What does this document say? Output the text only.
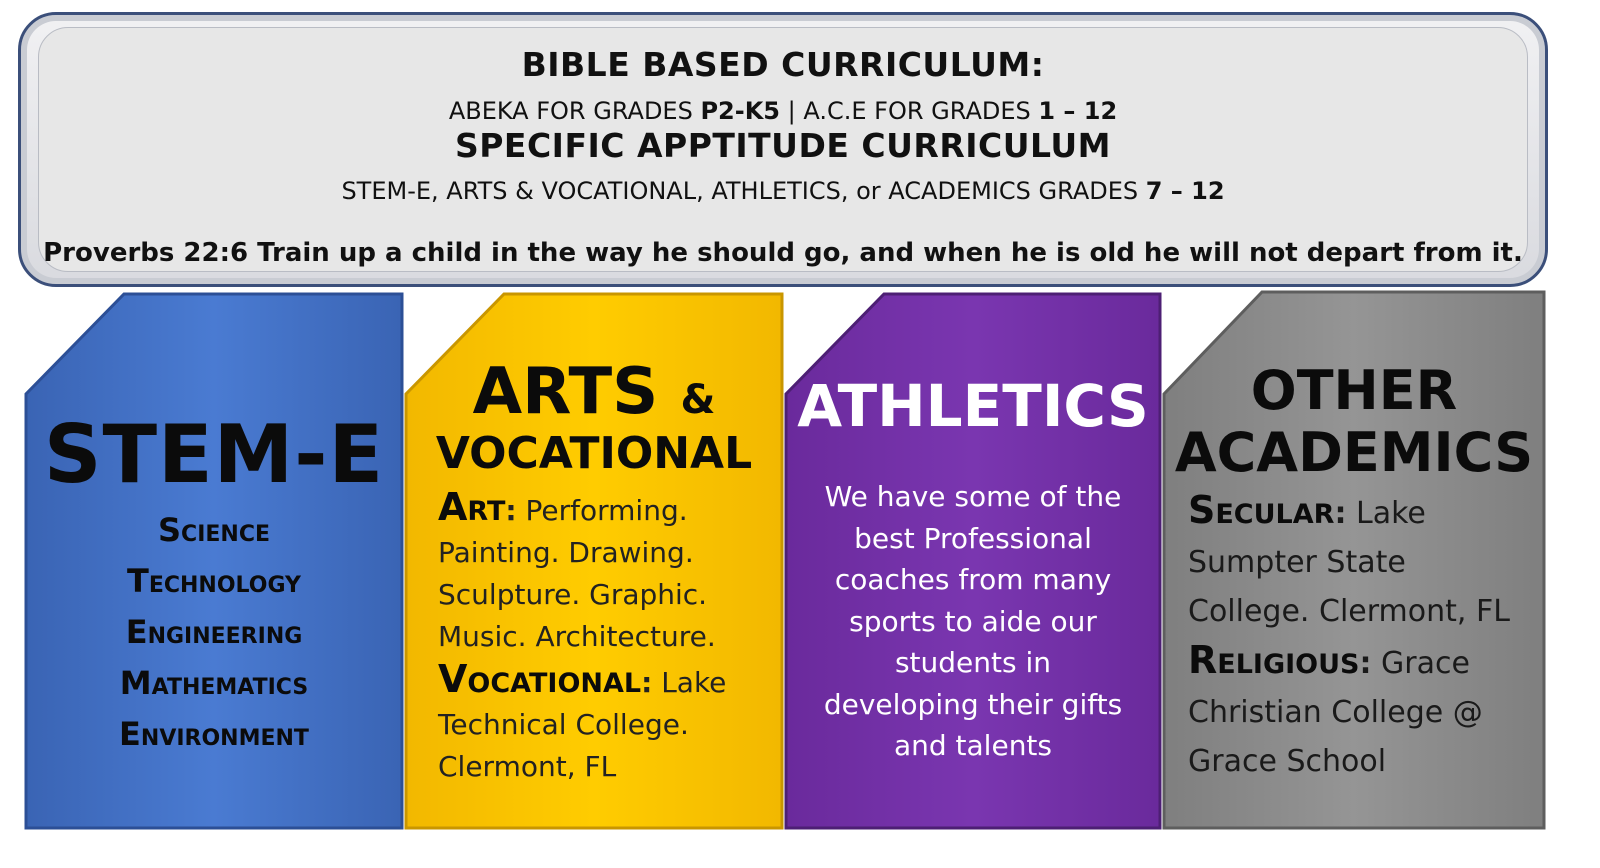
BIBLE BASED CURRICULUM:
ABEKA FOR GRADES P2-K5 | A.C.E FOR GRADES 1 – 12
SPECIFIC APPTITUDE CURRICULUM
STEM-E, ARTS & VOCATIONAL, ATHLETICS, or ACADEMICS GRADES 7 – 12
Proverbs 22:6 Train up a child in the way he should go, and when he is old he will not depart from it.
STEM-E
Science
Technology
Engineering
Mathematics
Environment
ARTS &
VOCATIONAL
Art: Performing. Painting. Drawing. Sculpture. Graphic. Music. Architecture.
Vocational: Lake Technical College. Clermont, FL
ATHLETICS
We have some of the best Professional coaches from many sports to aide our students in developing their gifts and talents
OTHER ACADEMICS
Secular: Lake Sumpter State College. Clermont, FL
Religious: Grace Christian College @ Grace School
